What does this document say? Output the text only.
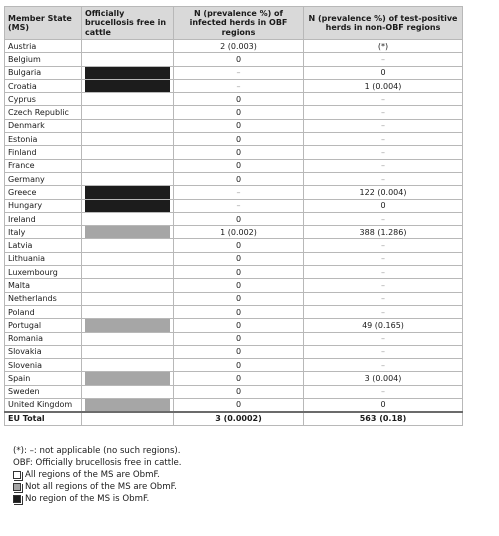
Member State (MS)	Officially brucellosis free in cattle	N (prevalence %) of infected herds in OBF regions	N (prevalence %) of test-positive herds in non-OBF regions
Austria		2 (0.003)	(*)
Belgium		0	–
Bulgaria		–	0
Croatia		–	1 (0.004)
Cyprus		0	–
Czech Republic		0	–
Denmark		0	–
Estonia		0	–
Finland		0	–
France		0	–
Germany		0	–
Greece		–	122 (0.004)
Hungary		–	0
Ireland		0	–
Italy		1 (0.002)	388 (1.286)
Latvia		0	–
Lithuania		0	–
Luxembourg		0	–
Malta		0	–
Netherlands		0	–
Poland		0	–
Portugal		0	49 (0.165)
Romania		0	–
Slovakia		0	–
Slovenia		0	–
Spain		0	3 (0.004)
Sweden		0	–
United Kingdom		0	0
EU Total		3 (0.0002)	563 (0.18)
(*): –: not applicable (no such regions).
OBF: Officially brucellosis free in cattle.
All regions of the MS are ObmF.
Not all regions of the MS are ObmF.
No region of the MS is ObmF.
